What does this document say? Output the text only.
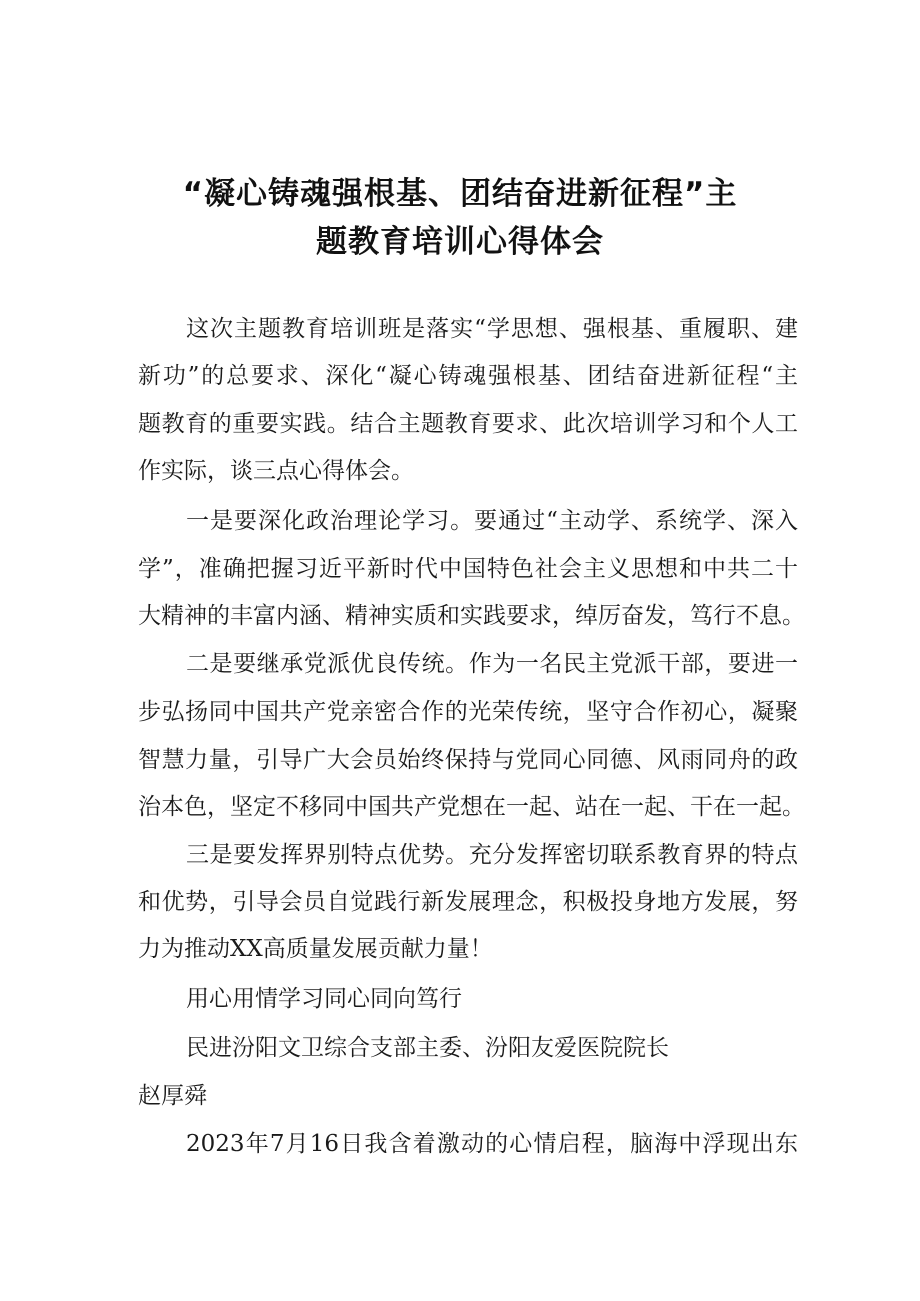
“凝心铸魂强根基、团结奋进新征程”主
题教育培训心得体会
这次主题教育培训班是落实“学思想、强根基、重履职、建
新功”的总要求、深化“凝心铸魂强根基、团结奋进新征程“主
题教育的重要实践。结合主题教育要求、此次培训学习和个人工
作实际，谈三点心得体会。
一是要深化政治理论学习。要通过“主动学、系统学、深入
学”，准确把握习近平新时代中国特色社会主义思想和中共二十
大精神的丰富内涵、精神实质和实践要求，绰厉奋发，笃行不息。
二是要继承党派优良传统。作为一名民主党派干部，要进一
步弘扬同中国共产党亲密合作的光荣传统，坚守合作初心，凝聚
智慧力量，引导广大会员始终保持与党同心同德、风雨同舟的政
治本色，坚定不移同中国共产党想在一起、站在一起、干在一起。
三是要发挥界别特点优势。充分发挥密切联系教育界的特点
和优势，引导会员自觉践行新发展理念，积极投身地方发展，努
力为推动XX高质量发展贡献力量！
用心用情学习同心同向笃行
民进汾阳文卫综合支部主委、汾阳友爱医院院长
赵厚舜
2023年7月16日我含着激动的心情启程，脑海中浮现出东
